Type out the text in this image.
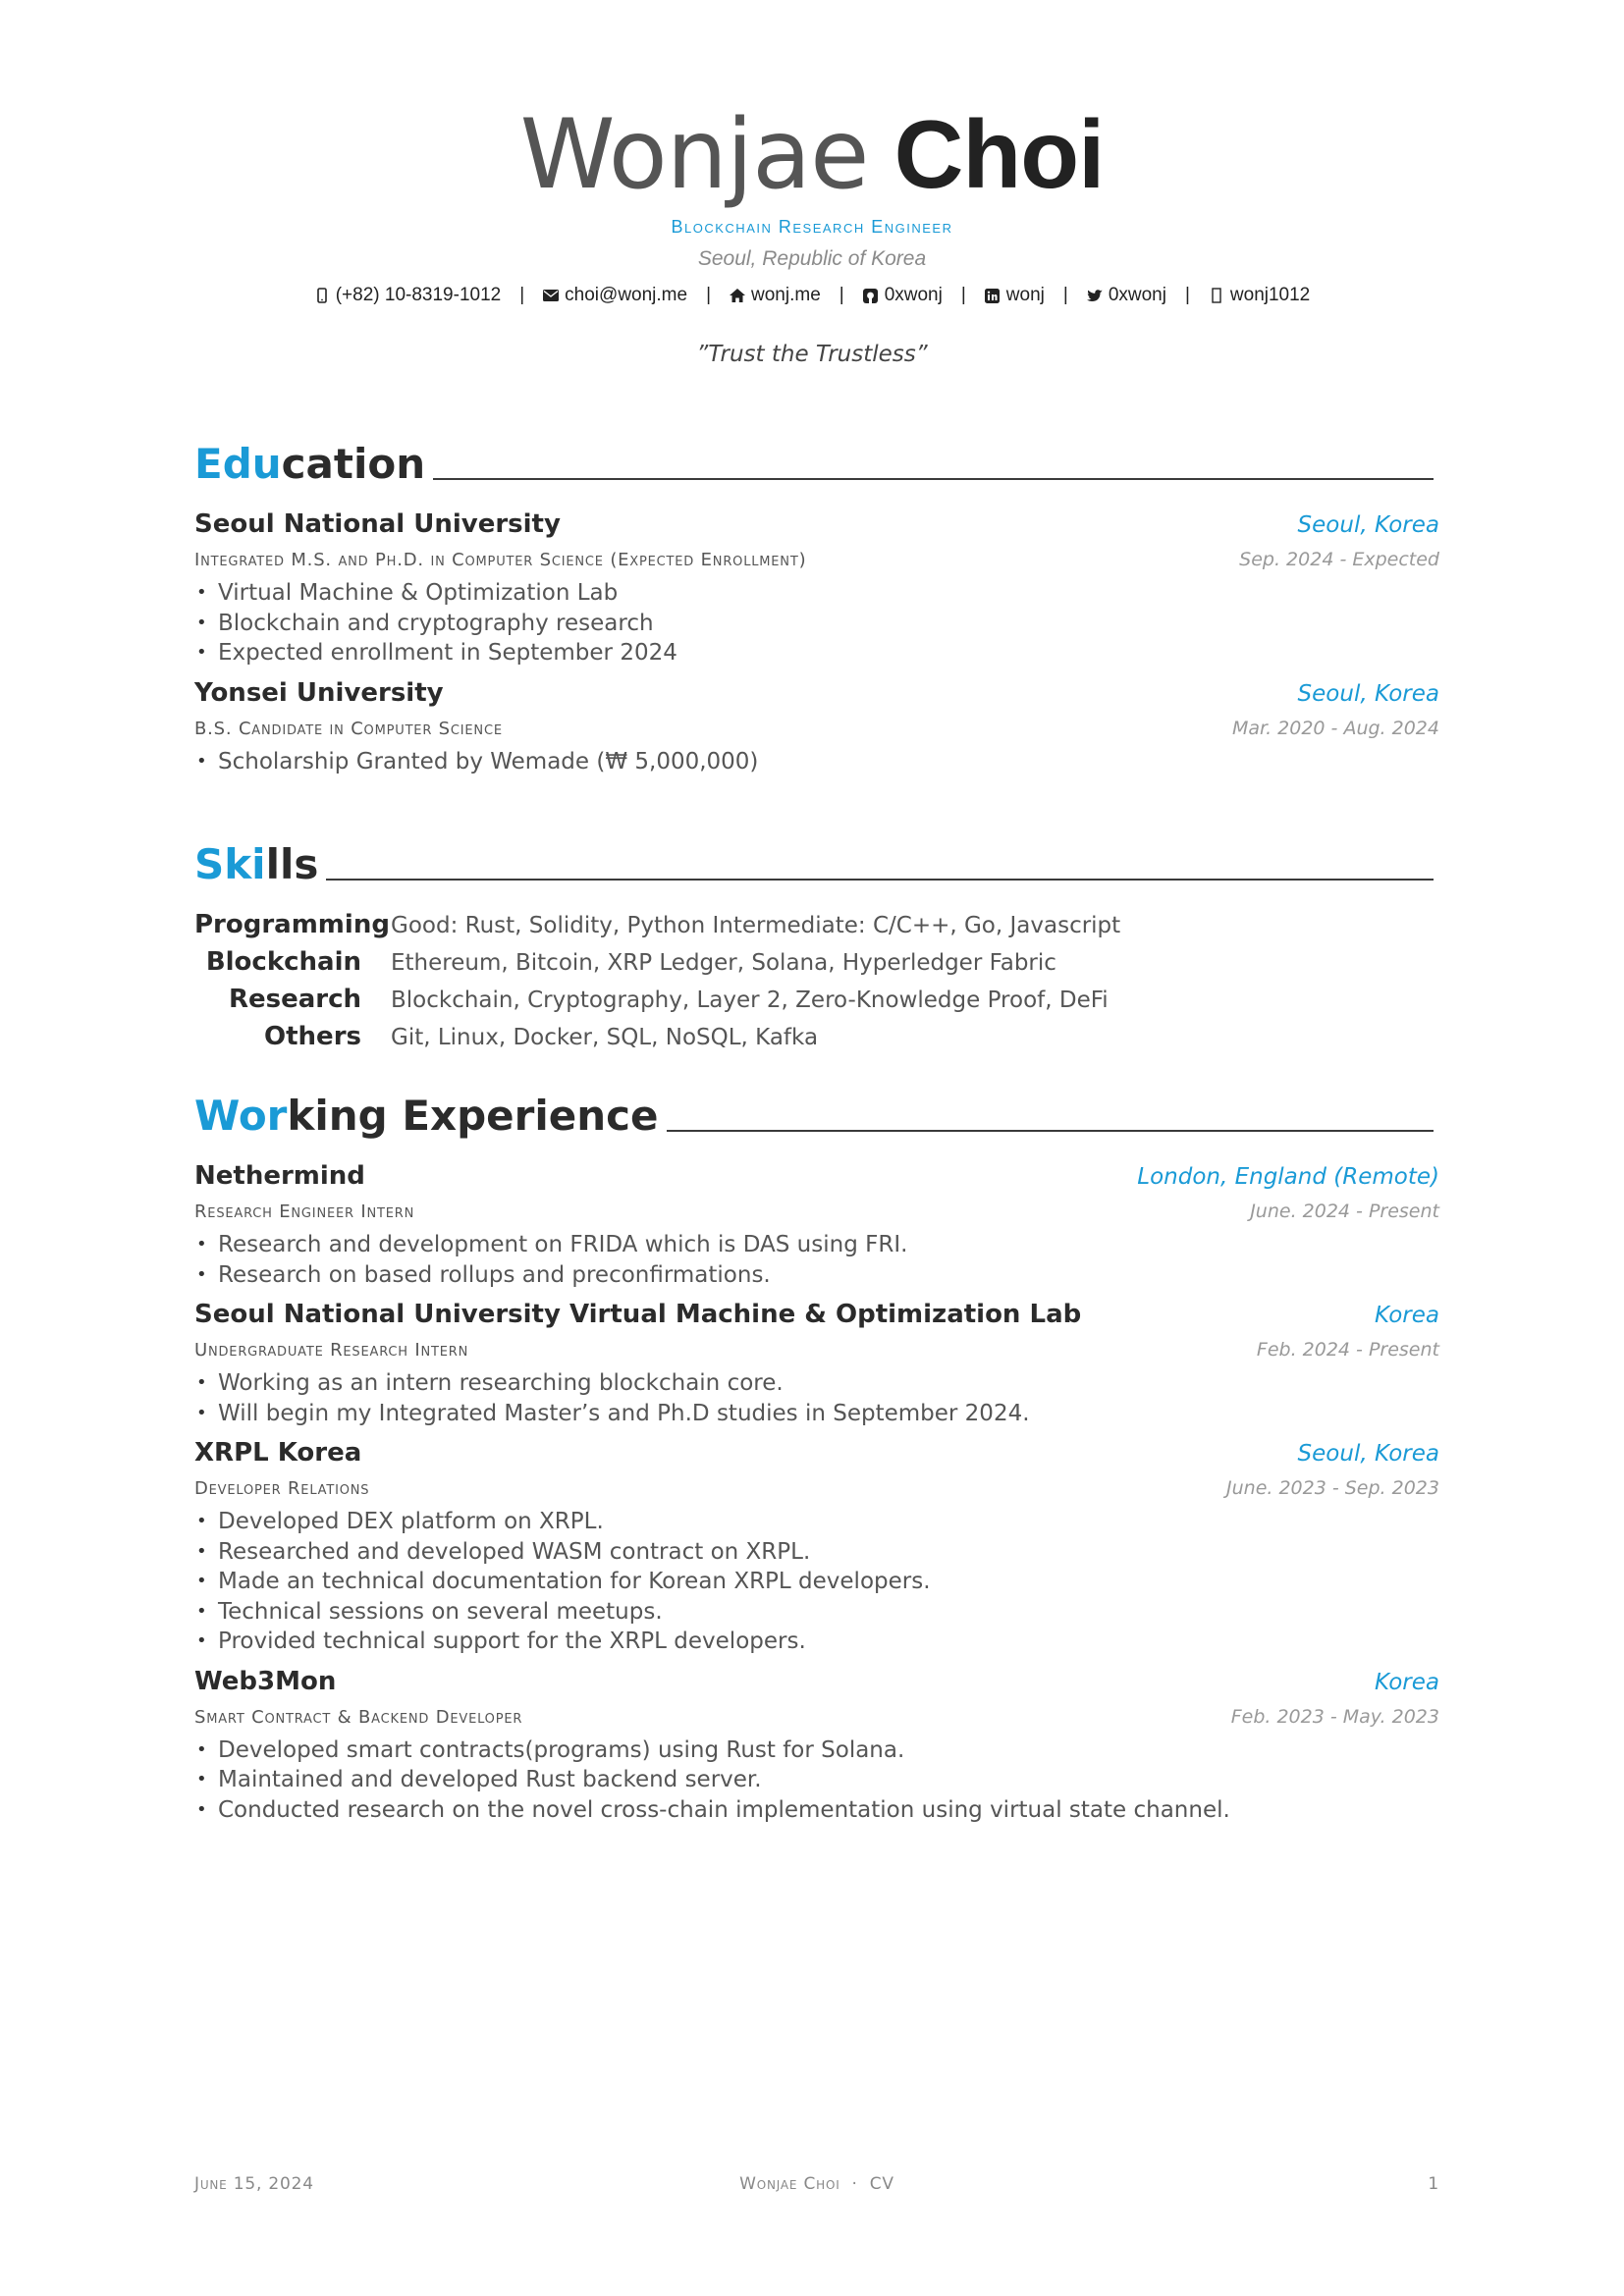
Wonjae Choi
Blockchain Research Engineer
Seoul, Republic of Korea
(+82) 10-8319-1012 | choi@wonj.me | wonj.me | 0xwonj | wonj | 0xwonj | wonj1012
”Trust the Trustless”
Edu cation
Seoul National University	Seoul, Korea
Integrated M.S. and Ph.D. in Computer Science (Expected Enrollment)	Sep. 2024 - Expected
• Virtual Machine & Optimization Lab
• Blockchain and cryptography research
• Expected enrollment in September 2024
Yonsei University	Seoul, Korea
B.S. Candidate in Computer Science	Mar. 2020 - Aug. 2024
• Scholarship Granted by Wemade (₩ 5,000,000)
Ski lls
Programming Good: Rust, Solidity, Python Intermediate: C/C++, Go, Javascript
Blockchain Ethereum, Bitcoin, XRP Ledger, Solana, Hyperledger Fabric
Research Blockchain, Cryptography, Layer 2, Zero-Knowledge Proof, DeFi
Others Git, Linux, Docker, SQL, NoSQL, Kafka
Wor king Experience
Nethermind	London, England (Remote)
Research Engineer Intern	June. 2024 - Present
• Research and development on FRIDA which is DAS using FRI.
• Research on based rollups and preconfirmations.
Seoul National University Virtual Machine & Optimization Lab	Korea
Undergraduate Research Intern	Feb. 2024 - Present
• Working as an intern researching blockchain core.
• Will begin my Integrated Master’s and Ph.D studies in September 2024.
XRPL Korea	Seoul, Korea
Developer Relations	June. 2023 - Sep. 2023
• Developed DEX platform on XRPL.
• Researched and developed WASM contract on XRPL.
• Made an technical documentation for Korean XRPL developers.
• Technical sessions on several meetups.
• Provided technical support for the XRPL developers.
Web3Mon	Korea
Smart Contract & Backend Developer	Feb. 2023 - May. 2023
• Developed smart contracts(programs) using Rust for Solana.
• Maintained and developed Rust backend server.
• Conducted research on the novel cross-chain implementation using virtual state channel.
June 15, 2024	Wonjae Choi · CV	1
